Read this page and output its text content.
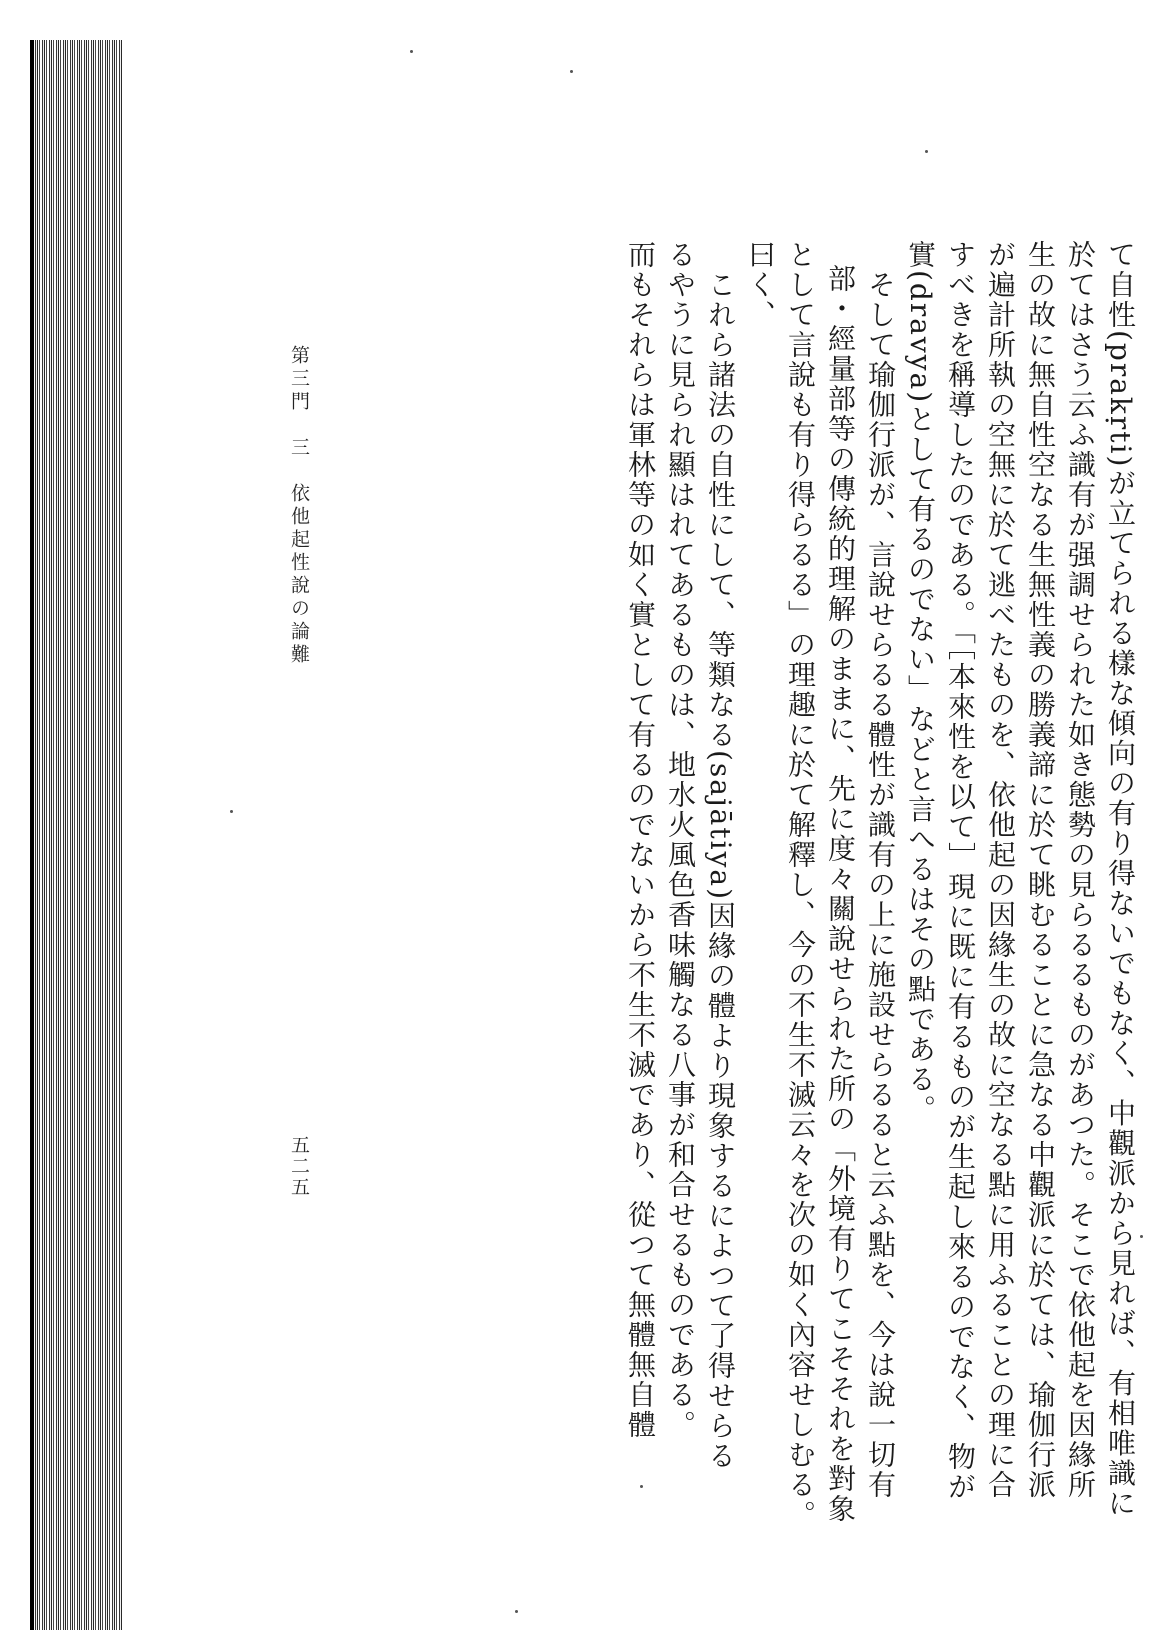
て自性(prakṛti)が立てられる樣な傾向の有り得ないでもなく、中觀派から見れば、有相唯識に

於てはさう云ふ識有が强調せられた如き態勢の見らるるものがあつた。そこで依他起を因緣所

生の故に無自性空なる生無性義の勝義諦に於て眺むることに急なる中觀派に於ては、瑜伽行派

が遍計所執の空無に於て逃べたものを、依他起の因緣生の故に空なる點に用ふることの理に合

すべきを稱導したのである。「［本來性を以て］現に既に有るものが生起し來るのでなく、物が

實(dravya)として有るのでない」などと言へるはその點である。

　そして瑜伽行派が、言說せらるる體性が識有の上に施設せらるると云ふ點を、今は說一切有

部・經量部等の傳統的理解のままに、先に度々關說せられた所の「外境有りてこそそれを對象

として言說も有り得らるる」の理趣に於て解釋し、今の不生不滅云々を次の如く內容せしむる。

曰く、

　これら諸法の自性にして、等類なる(sajātiya)因緣の體より現象するによつて了得せらる

るやうに見られ顯はれてあるものは、地水火風色香味觸なる八事が和合せるものである。

而もそれらは軍林等の如く實として有るのでないから不生不滅であり、從つて無體無自體

第三門　三　依他起性說の論難
五二五
